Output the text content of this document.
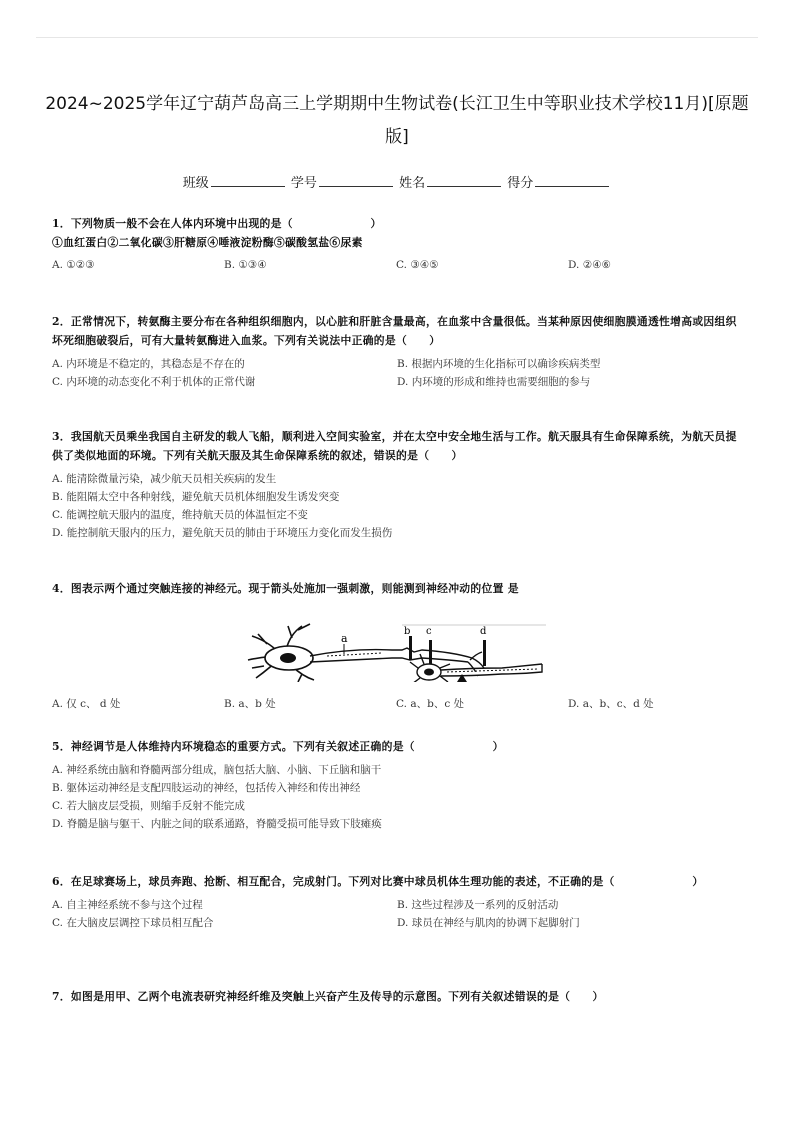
2024~2025学年辽宁葫芦岛高三上学期期中生物试卷(长江卫生中等职业技术学校11月)[原题
版]
班级	学号	姓名	得分
1．下列物质一般不会在人体内环境中出现的是（　　　　　　　）
①血红蛋白②二氧化碳③肝糖原④唾液淀粉酶⑤碳酸氢盐⑥尿素
A. ①②③	B. ①③④	C. ③④⑤	D. ②④⑥
2．正常情况下，转氨酶主要分布在各种组织细胞内，以心脏和肝脏含量最高，在血浆中含量很低。当某种原因使细胞膜通透性增高或因组织坏死细胞破裂后，可有大量转氨酶进入血浆。下列有关说法中正确的是（　　）
A. 内环境是不稳定的，其稳态是不存在的	B. 根据内环境的生化指标可以确诊疾病类型
C. 内环境的动态变化不利于机体的正常代谢	D. 内环境的形成和维持也需要细胞的参与
3．我国航天员乘坐我国自主研发的载人飞船，顺利进入空间实验室，并在太空中安全地生活与工作。航天服具有生命保障系统，为航天员提供了类似地面的环境。下列有关航天服及其生命保障系统的叙述，错误的是（　　）
A. 能清除微量污染，减少航天员相关疾病的发生
B. 能阻隔太空中各种射线，避免航天员机体细胞发生诱发突变
C. 能调控航天服内的温度，维持航天员的体温恒定不变
D. 能控制航天服内的压力，避免航天员的肺由于环境压力变化而发生损伤
4．图表示两个通过突触连接的神经元。现于箭头处施加一强刺激，则能测到神经冲动的位置 是
a
b c	d
A. 仅 c、 d 处	B. a、b 处	C. a、b、c 处	D. a、b、c、d 处
5．神经调节是人体维持内环境稳态的重要方式。下列有关叙述正确的是（　　　　　　　）
A. 神经系统由脑和脊髓两部分组成，脑包括大脑、小脑、下丘脑和脑干
B. 躯体运动神经是支配四肢运动的神经，包括传入神经和传出神经
C. 若大脑皮层受损，则缩手反射不能完成
D. 脊髓是脑与躯干、内脏之间的联系通路，脊髓受损可能导致下肢瘫痪
6．在足球赛场上，球员奔跑、抢断、相互配合，完成射门。下列对比赛中球员机体生理功能的表述，不正确的是（　　　　　　　）
A. 自主神经系统不参与这个过程	B. 这些过程涉及一系列的反射活动
C. 在大脑皮层调控下球员相互配合	D. 球员在神经与肌肉的协调下起脚射门
7．如图是用甲、乙两个电流表研究神经纤维及突触上兴奋产生及传导的示意图。下列有关叙述错误的是（　　）
